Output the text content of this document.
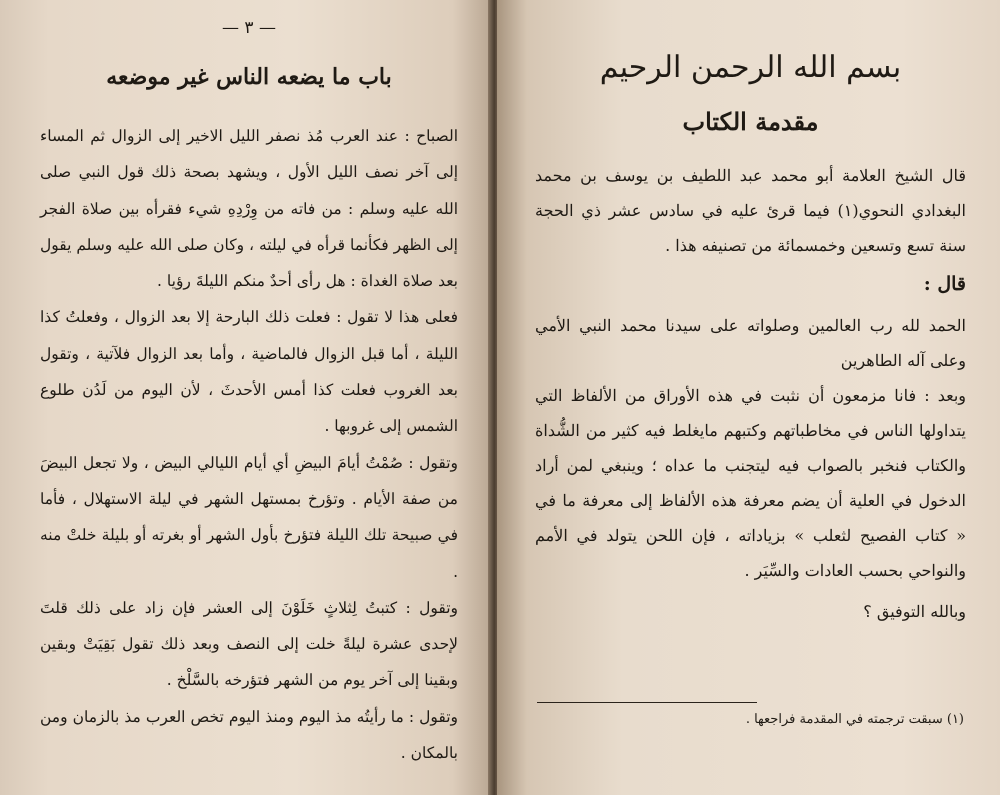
— ٣ —
باب ما يضعه الناس غير موضعه

الصباح : عند العرب مُذ نصفر الليل الاخير إلى الزوال ثم المساء إلى آخر نصف الليل الأول ، ويشهد بصحة ذلك قول النبي صلى الله عليه وسلم : من فاته من وِرْدِهِ شيء فقرأه بين صلاة الفجر إلى الظهر فكأنما قرأه في ليلته ، وكان صلى الله عليه وسلم يقول بعد صلاة الغداة : هل رأى أحدٌ منكم الليلةَ رؤيا .

فعلى هذا لا تقول : فعلت ذلك البارحة إلا بعد الزوال ، وفعلتُ كذا الليلة ، أما قبل الزوال فالماضية ، وأما بعد الزوال فلآتية ، وتقول بعد الغروب فعلت كذا أمس الأحدثَ ، لأن اليوم من لَدُن طلوع الشمس إلى غروبها .

وتقول : صُمْتُ أيامَ البيضِ أي أيام الليالي البيض ، ولا تجعل البيضَ من صفة الأيام . وتؤرخ بمستهل الشهر في ليلة الاستهلال ، فأما في صبيحة تلك الليلة فتؤرخ بأول الشهر أو بغرته أو بليلة خلتْ منه .

وتقول : كتبتُ لِثلاثٍ خَلَوْنَ إلى العشر فإن زاد على ذلك قلتَ لإحدى عشرة ليلةً خلت إلى النصف وبعد ذلك تقول بَقِيَتْ وبقين وبقينا إلى آخر يوم من الشهر فتؤرخه بالسَّلْخ .

وتقول : ما رأيتُه مذ اليوم ومنذ اليوم تخص العرب مذ بالزمان ومن بالمكان .

بسم الله الرحمن الرحيم
مقدمة الكتاب

قال الشيخ العلامة أبو محمد عبد اللطيف بن يوسف بن محمد البغدادي النحوي(١) فيما قرئ عليه في سادس عشر ذي الحجة سنة تسع وتسعين وخمسمائة من تصنيفه هذا .

قال :

الحمد لله رب العالمين وصلواته على سيدنا محمد النبي الأمي وعلى آله الطاهرين

وبعد : فانا مزمعون أن نثبت في هذه الأوراق من الألفاظ التي يتداولها الناس في مخاطباتهم وكتبهم مايغلط فيه كثير من الشُّداة والكتاب فنخبر بالصواب فيه ليتجنب ما عداه ؛ وينبغي لمن أراد الدخول في العلية أن يضم معرفة هذه الألفاظ إلى معرفة ما في « كتاب الفصيح لثعلب » بزياداته ، فإن اللحن يتولد في الأمم والنواحي بحسب العادات والسِّيَر .

وبالله التوفيق ؟

(١) سبقت ترجمته في المقدمة فراجعها .
